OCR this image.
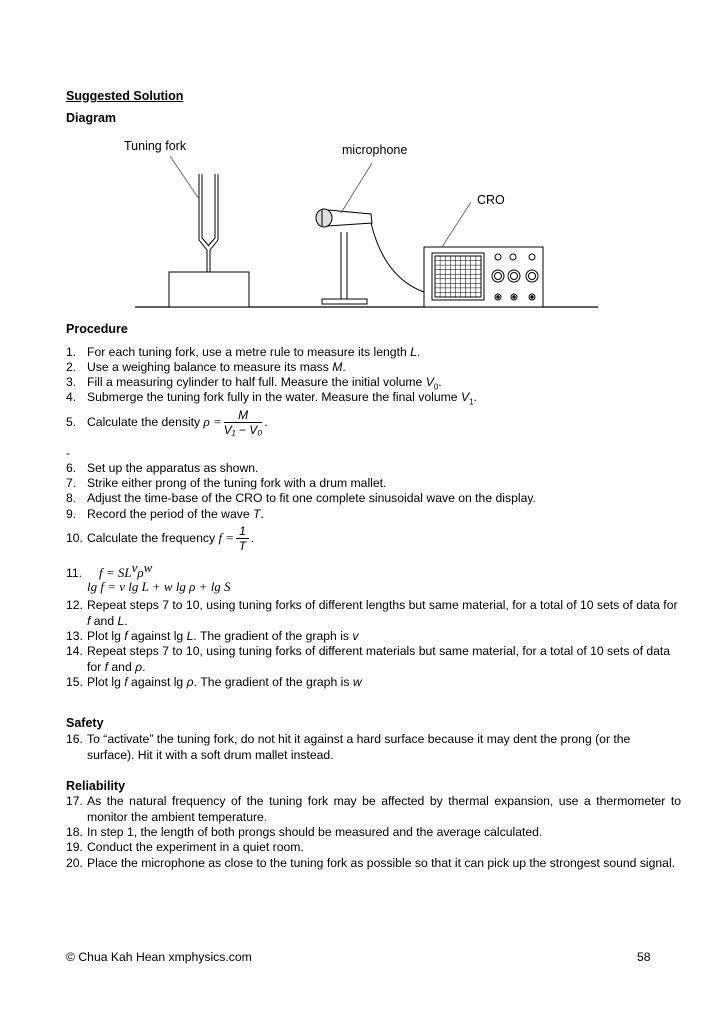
Suggested Solution
Diagram
Tuning fork	microphone
CRO
Procedure
1. For each tuning fork, use a metre rule to measure its length L.
2. Use a weighing balance to measure its mass M.
3. Fill a measuring cylinder to half full. Measure the initial volume $V_0$.
4. Submerge the tuning fork fully in the water. Measure the final volume $V_1$.
5. Calculate the density $\rho = \frac{M}{\text{V₁ − V₀}}$ .
-
6. Set up the apparatus as shown.
7. Strike either prong of the tuning fork with a drum mallet.
8. Adjust the time-base of the CRO to fit one complete sinusoidal wave on the display.
9. Record the period of the wave T.
10. Calculate the frequency $f = \frac{1}{T}$ .
11. $f = SL^v\rho^w$
lg f = v lg L + w lg ρ + lg S
12. Repeat steps 7 to 10, using tuning forks of different lengths but same material, for a total of 10 sets of data for f and L.
13. Plot lg f against lg L. The gradient of the graph is v
14. Repeat steps 7 to 10, using tuning forks of different materials but same material, for a total of 10 sets of data for f and ρ.
15. Plot lg f against lg ρ. The gradient of the graph is w
Safety
16. To “activate” the tuning fork, do not hit it against a hard surface because it may dent the prong (or the surface). Hit it with a soft drum mallet instead.
Reliability
17. As the natural frequency of the tuning fork may be affected by thermal expansion, use a thermometer to monitor the ambient temperature.
18. In step 1, the length of both prongs should be measured and the average calculated.
19. Conduct the experiment in a quiet room.
20. Place the microphone as close to the tuning fork as possible so that it can pick up the strongest sound signal.
© Chua Kah Hean xmphysics.com	58
